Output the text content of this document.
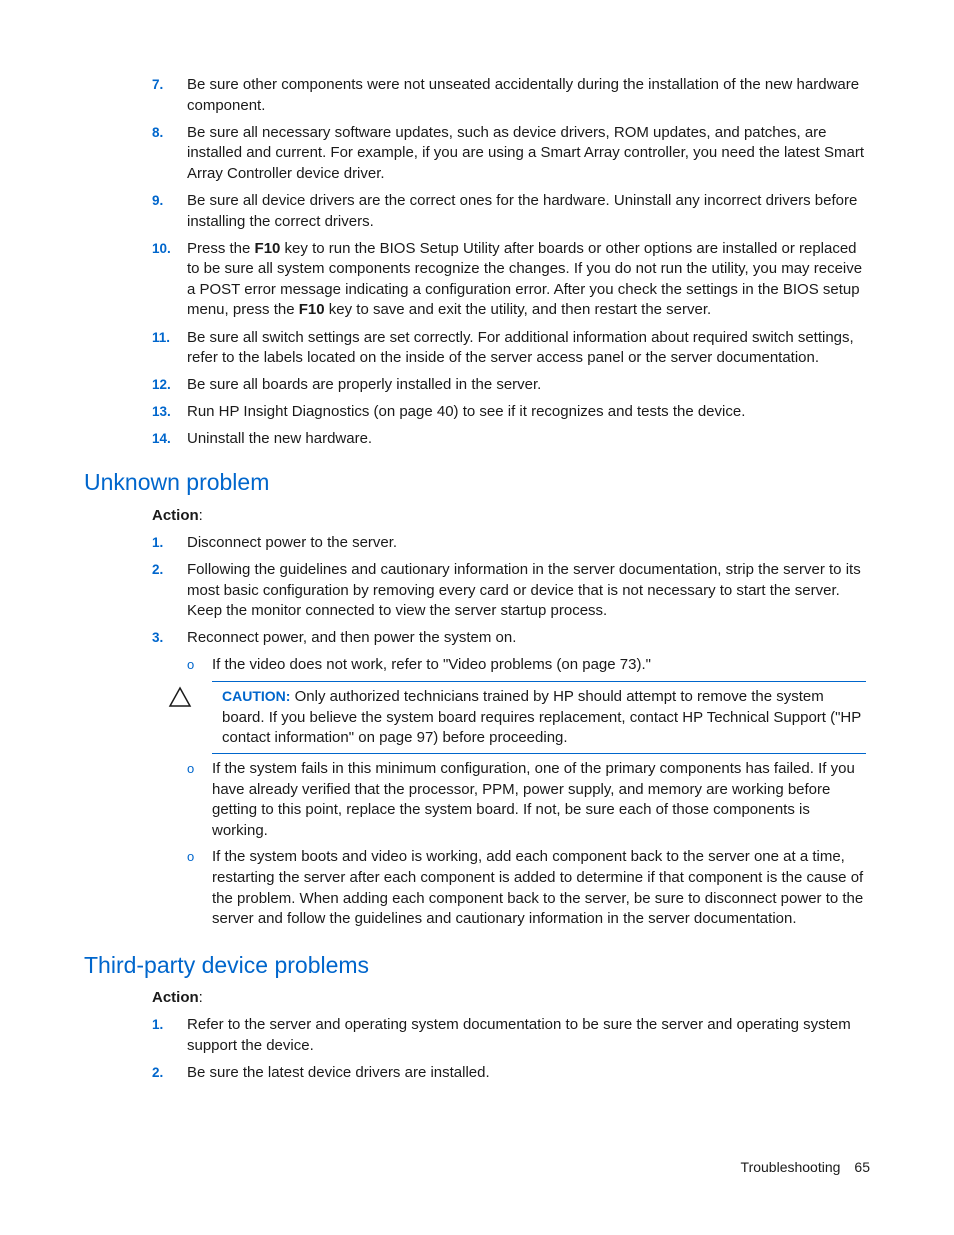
7. Be sure other components were not unseated accidentally during the installation of the new hardware component.
8. Be sure all necessary software updates, such as device drivers, ROM updates, and patches, are installed and current. For example, if you are using a Smart Array controller, you need the latest Smart Array Controller device driver.
9. Be sure all device drivers are the correct ones for the hardware. Uninstall any incorrect drivers before installing the correct drivers.
10. Press the F10 key to run the BIOS Setup Utility after boards or other options are installed or replaced to be sure all system components recognize the changes. If you do not run the utility, you may receive a POST error message indicating a configuration error. After you check the settings in the BIOS setup menu, press the F10 key to save and exit the utility, and then restart the server.
11. Be sure all switch settings are set correctly. For additional information about required switch settings, refer to the labels located on the inside of the server access panel or the server documentation.
12. Be sure all boards are properly installed in the server.
13. Run HP Insight Diagnostics (on page 40) to see if it recognizes and tests the device.
14. Uninstall the new hardware.
Unknown problem
Action:
1. Disconnect power to the server.
2. Following the guidelines and cautionary information in the server documentation, strip the server to its most basic configuration by removing every card or device that is not necessary to start the server. Keep the monitor connected to view the server startup process.
3. Reconnect power, and then power the system on.
o If the video does not work, refer to "Video problems (on page 73)."
CAUTION: Only authorized technicians trained by HP should attempt to remove the system board. If you believe the system board requires replacement, contact HP Technical Support ("HP contact information" on page 97) before proceeding.
o If the system fails in this minimum configuration, one of the primary components has failed. If you have already verified that the processor, PPM, power supply, and memory are working before getting to this point, replace the system board. If not, be sure each of those components is working.
o If the system boots and video is working, add each component back to the server one at a time, restarting the server after each component is added to determine if that component is the cause of the problem. When adding each component back to the server, be sure to disconnect power to the server and follow the guidelines and cautionary information in the server documentation.
Third-party device problems
Action:
1. Refer to the server and operating system documentation to be sure the server and operating system support the device.
2. Be sure the latest device drivers are installed.
Troubleshooting 65
